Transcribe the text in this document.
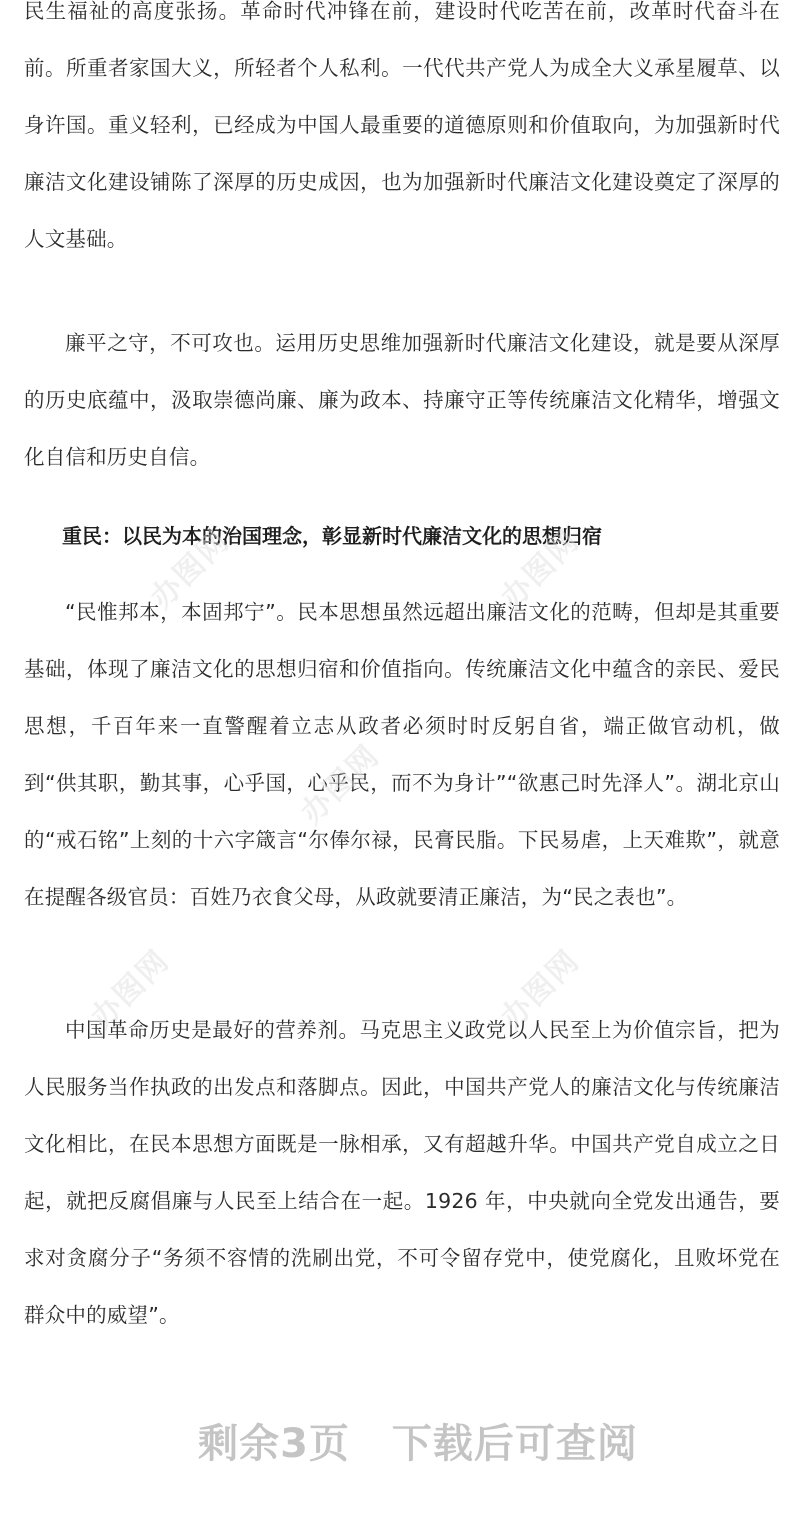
民生福祉的高度张扬。革命时代冲锋在前，建设时代吃苦在前，改革时代奋斗在前。所重者家国大义，所轻者个人私利。一代代共产党人为成全大义承星履草、以身许国。重义轻利，已经成为中国人最重要的道德原则和价值取向，为加强新时代廉洁文化建设铺陈了深厚的历史成因，也为加强新时代廉洁文化建设奠定了深厚的人文基础。

廉平之守，不可攻也。运用历史思维加强新时代廉洁文化建设，就是要从深厚的历史底蕴中，汲取崇德尚廉、廉为政本、持廉守正等传统廉洁文化精华，增强文化自信和历史自信。

重民：以民为本的治国理念，彰显新时代廉洁文化的思想归宿

“民惟邦本，本固邦宁”。民本思想虽然远超出廉洁文化的范畴，但却是其重要基础，体现了廉洁文化的思想归宿和价值指向。传统廉洁文化中蕴含的亲民、爱民思想，千百年来一直警醒着立志从政者必须时时反躬自省，端正做官动机，做到“供其职，勤其事，心乎国，心乎民，而不为身计”“欲惠己时先泽人”。湖北京山的“戒石铭”上刻的十六字箴言“尔俸尔禄，民膏民脂。下民易虐，上天难欺”，就意在提醒各级官员：百姓乃衣食父母，从政就要清正廉洁，为“民之表也”。

中国革命历史是最好的营养剂。马克思主义政党以人民至上为价值宗旨，把为人民服务当作执政的出发点和落脚点。因此，中国共产党人的廉洁文化与传统廉洁文化相比，在民本思想方面既是一脉相承，又有超越升华。中国共产党自成立之日起，就把反腐倡廉与人民至上结合在一起。1926 年，中央就向全党发出通告，要求对贪腐分子“务须不容情的洗刷出党，不可令留存党中，使党腐化，且败坏党在群众中的威望”。

办图网	办图网
办图网
办图网	办图网
剩余3页 下载后可查阅
